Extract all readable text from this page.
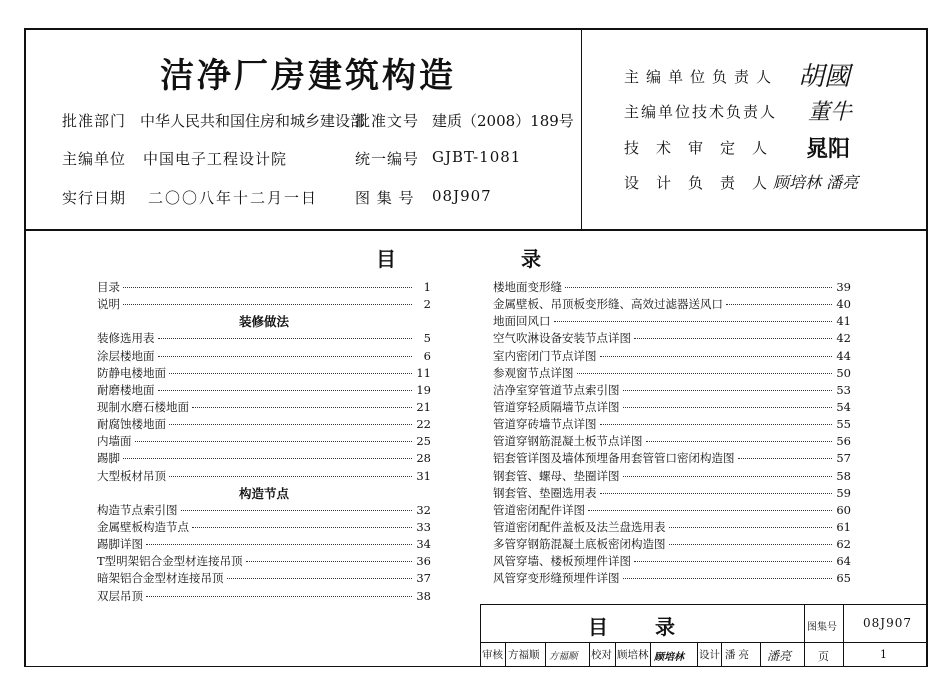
洁净厂房建筑构造
批准部门 中华人民共和国住房和城乡建设部
批准文号 建质（2008）189号
主编单位 中国电子工程设计院	统一编号 GJBT-1081
实行日期 二〇〇八年十二月一日 图 集 号 08J907
主编单位负责人 胡國
主编单位技术负责人 董牛
技术审定人 晁阳
设计负责人
顾培林 潘亮
目	录
目录	1
说明	2
装修做法
装修选用表	5
涂层楼地面	6
防静电楼地面	11
耐磨楼地面	19
现制水磨石楼地面	21
耐腐蚀楼地面	22
内墙面	25
踢脚	28
大型板材吊顶	31
构造节点
构造节点索引图	32
金属壁板构造节点	33
踢脚详图	34
T型明架铝合金型材连接吊顶	36
暗架铝合金型材连接吊顶	37
双层吊顶	38
楼地面变形缝	39
金属壁板、吊顶板变形缝、高效过滤器送风口	40
地面回风口	41
空气吹淋设备安装节点详图	42
室内密闭门节点详图	44
参观窗节点详图	50
洁净室穿管道节点索引图	53
管道穿轻质隔墙节点详图	54
管道穿砖墙节点详图	55
管道穿钢筋混凝土板节点详图	56
铝套管详图及墙体预埋备用套管管口密闭构造图	57
钢套管、螺母、垫圈详图	58
钢套管、垫圈选用表	59
管道密闭配件详图	60
管道密闭配件盖板及法兰盘选用表	61
多管穿钢筋混凝土底板密闭构造图	62
风管穿墙、楼板预埋件详图	64
风管穿变形缝预埋件详图	65
目 录	图集号 08J907
页	1
审核 方福顺 方福顺 校对 顾培林 顾培林 设计 潘亮 潘亮
